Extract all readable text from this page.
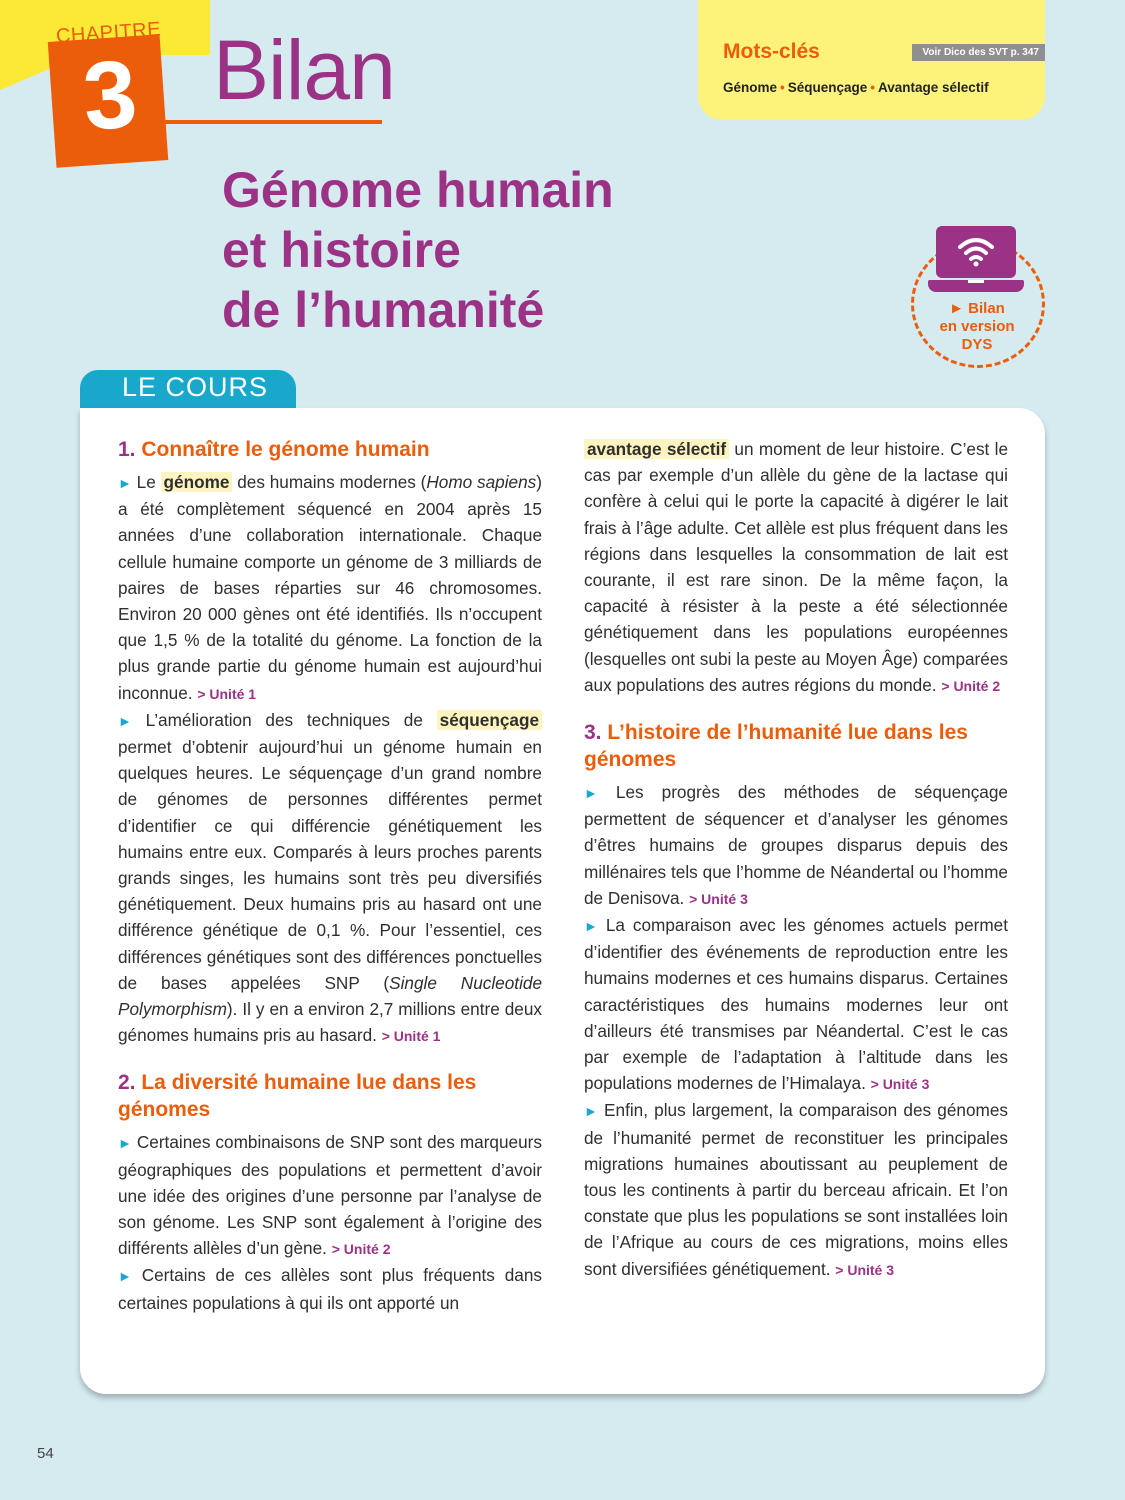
CHAPITRE
3 Bilan
Génome humain
et histoire
de l’humanité
Mots-clés	Voir Dico des SVT p. 347
Génome • Séquençage • Avantage sélectif
► Bilan
en version
DYS
LE COURS
1. Connaître le génome humain

► Le génome des humains modernes (Homo sapiens) a été complètement séquencé en 2004 après 15 années d’une collaboration internationale. Chaque cellule humaine comporte un génome de 3 milliards de paires de bases réparties sur 46 chromosomes. Environ 20 000 gènes ont été identifiés. Ils n’occupent que 1,5 % de la totalité du génome. La fonction de la plus grande partie du génome humain est aujourd’hui inconnue. > Unité 1

► L’amélioration des techniques de séquençage permet d’obtenir aujourd’hui un génome humain en quelques heures. Le séquençage d’un grand nombre de génomes de personnes différentes permet d’identifier ce qui différencie génétiquement les humains entre eux. Comparés à leurs proches parents grands singes, les humains sont très peu diversifiés génétiquement. Deux humains pris au hasard ont une différence génétique de 0,1 %. Pour l’essentiel, ces différences génétiques sont des différences ponctuelles de bases appelées SNP (Single Nucleotide Polymorphism). Il y en a environ 2,7 millions entre deux génomes humains pris au hasard. > Unité 1

2. La diversité humaine lue dans les génomes

► Certaines combinaisons de SNP sont des marqueurs géographiques des populations et permettent d’avoir une idée des origines d’une personne par l’analyse de son génome. Les SNP sont également à l’origine des différents allèles d’un gène. > Unité 2

► Certains de ces allèles sont plus fréquents dans certaines populations à qui ils ont apporté un

avantage sélectif un moment de leur histoire. C’est le cas par exemple d’un allèle du gène de la lactase qui confère à celui qui le porte la capacité à digérer le lait frais à l’âge adulte. Cet allèle est plus fréquent dans les régions dans lesquelles la consommation de lait est courante, il est rare sinon. De la même façon, la capacité à résister à la peste a été sélectionnée génétiquement dans les populations européennes (lesquelles ont subi la peste au Moyen Âge) comparées aux populations des autres régions du monde. > Unité 2

3. L’histoire de l’humanité lue dans les génomes

► Les progrès des méthodes de séquençage permettent de séquencer et d’analyser les génomes d’êtres humains de groupes disparus depuis des millénaires tels que l’homme de Néandertal ou l’homme de Denisova. > Unité 3

► La comparaison avec les génomes actuels permet d’identifier des événements de reproduction entre les humains modernes et ces humains disparus. Certaines caractéristiques des humains modernes leur ont d’ailleurs été transmises par Néandertal. C’est le cas par exemple de l’adaptation à l’altitude dans les populations modernes de l’Himalaya. > Unité 3

► Enfin, plus largement, la comparaison des génomes de l’humanité permet de reconstituer les principales migrations humaines aboutissant au peuplement de tous les continents à partir du berceau africain. Et l’on constate que plus les populations se sont installées loin de l’Afrique au cours de ces migrations, moins elles sont diversifiées génétiquement. > Unité 3

54
